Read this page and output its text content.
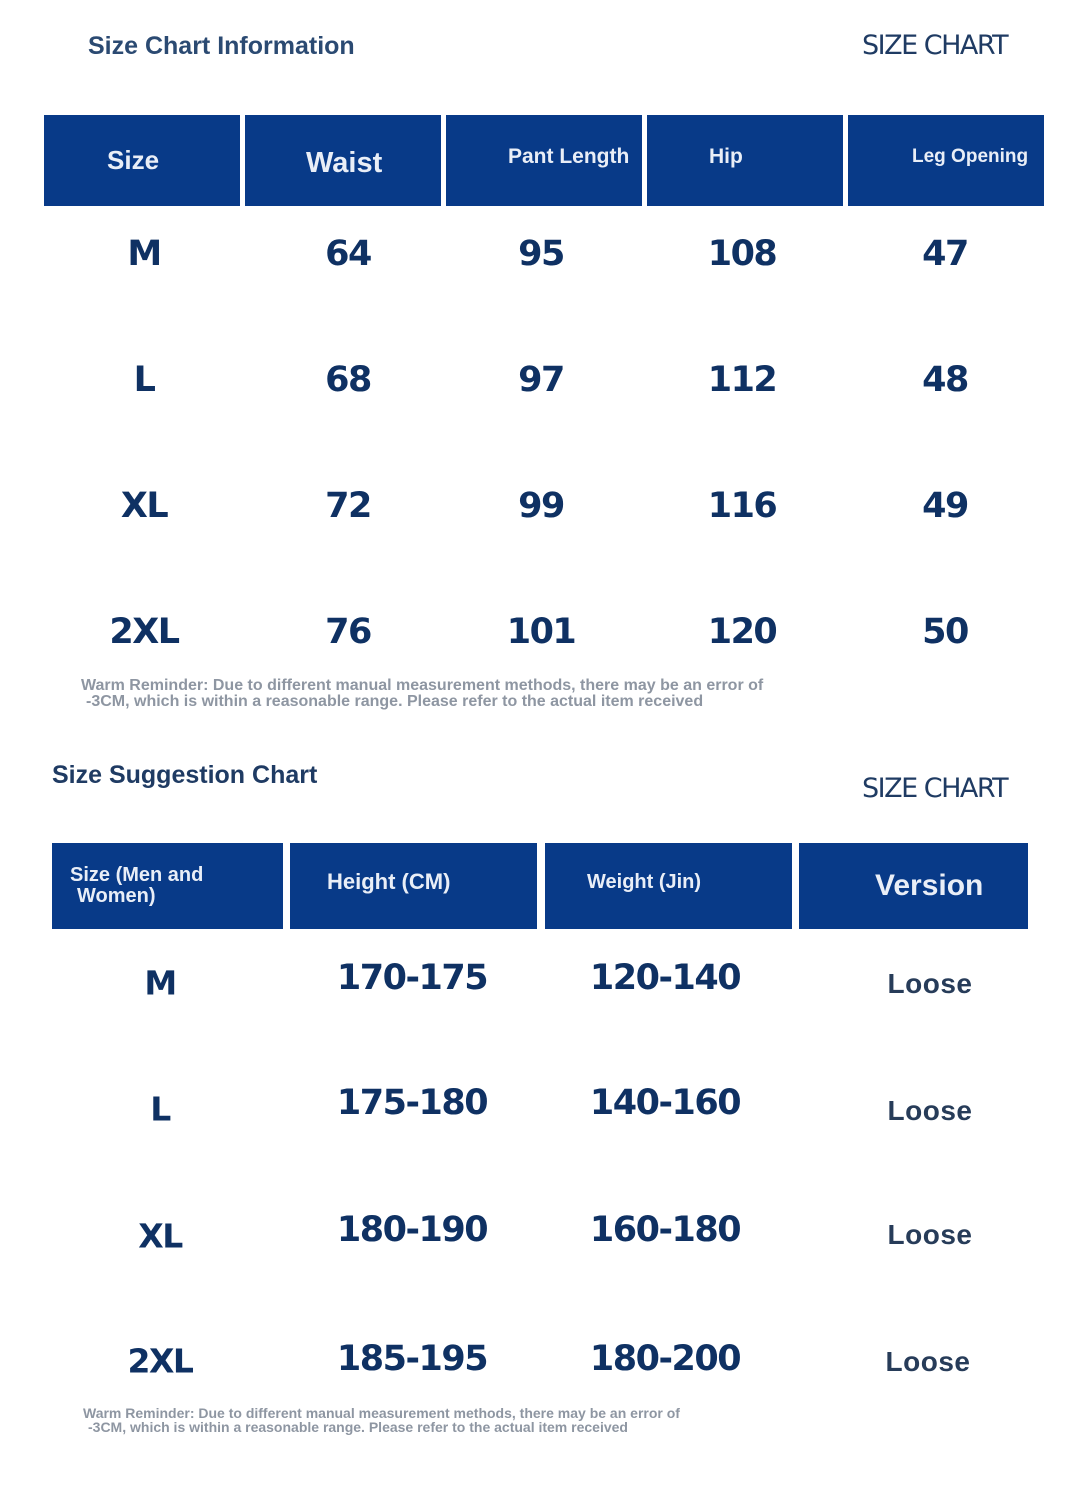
Size Chart Information	SIZE CHART
Size	Waist	Pant Length	Hip	Leg Opening
M	64	95	108	47
L	68	97	112	48
XL	72	99	116	49
2XL	76	101	120	50
Warm Reminder: Due to different manual measurement methods, there may be an error of
-3CM, which is within a reasonable range. Please refer to the actual item received
Size Suggestion Chart	SIZE CHART
Size (Men and
Women)
Height (CM)	Weight (Jin)	Version
M	170-175	120-140	Loose
L	175-180	140-160	Loose
XL	180-190	160-180	Loose
2XL	185-195	180-200	Loose
Warm Reminder: Due to different manual measurement methods, there may be an error of
-3CM, which is within a reasonable range. Please refer to the actual item received
